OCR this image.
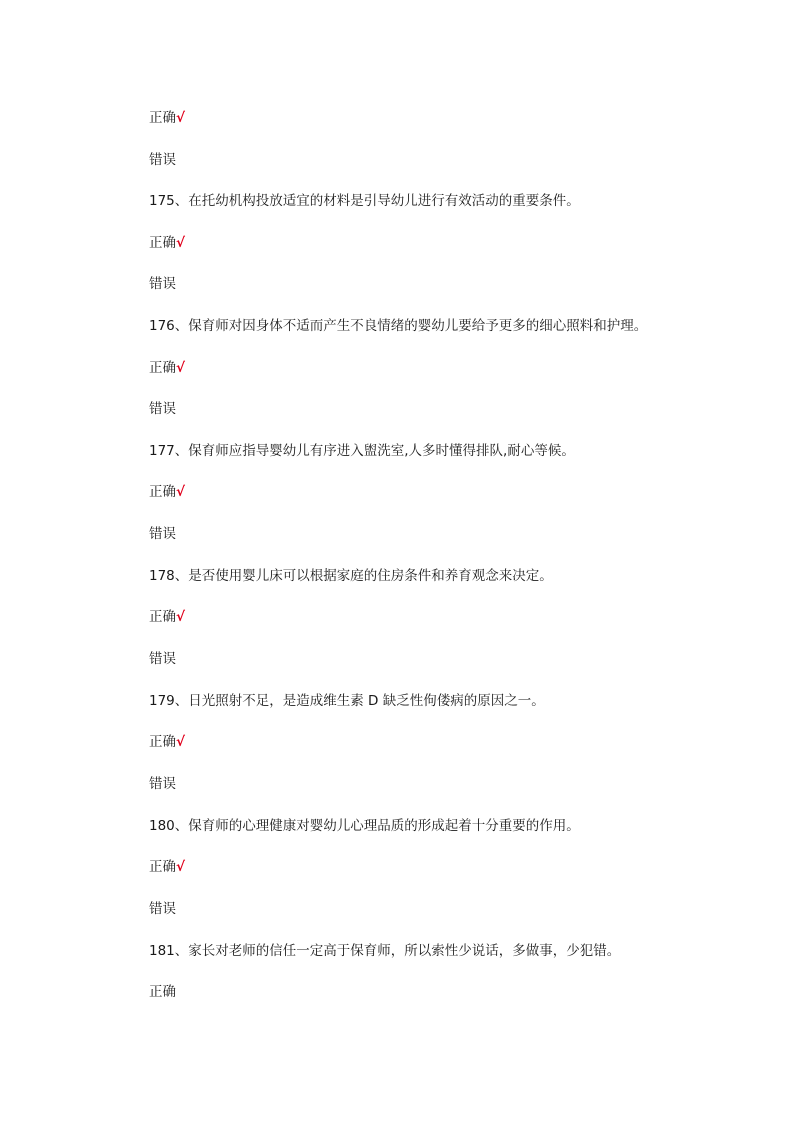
正确√
错误
175、在托幼机构投放适宜的材料是引导幼儿进行有效活动的重要条件。
正确√
错误
176、保育师对因身体不适而产生不良情绪的婴幼儿要给予更多的细心照料和护理。
正确√
错误
177、保育师应指导婴幼儿有序进入盥洗室,人多时懂得排队,耐心等候。
正确√
错误
178、是否使用婴儿床可以根据家庭的住房条件和养育观念来决定。
正确√
错误
179、日光照射不足，是造成维生素 D 缺乏性佝偻病的原因之一。
正确√
错误
180、保育师的心理健康对婴幼儿心理品质的形成起着十分重要的作用。
正确√
错误
181、家长对老师的信任一定高于保育师，所以索性少说话，多做事，少犯错。
正确
